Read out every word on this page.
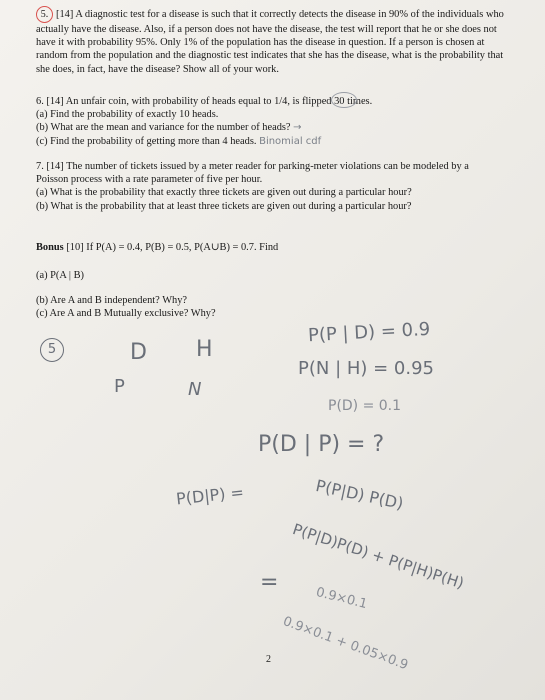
5. [14] A diagnostic test for a disease is such that it correctly detects the disease in 90% of the individuals who
actually have the disease. Also, if a person does not have the disease, the test will report that he or she does not
have it with probability 95%. Only 1% of the population has the disease in question. If a person is chosen at
random from the population and the diagnostic test indicates that she has the disease, what is the probability that
she does, in fact, have the disease? Show all of your work.
6. [14] An unfair coin, with probability of heads equal to 1/4, is flipped 30 times.
(a) Find the probability of exactly 10 heads.
(b) What are the mean and variance for the number of heads? →
(c) Find the probability of getting more than 4 heads. Binomial cdf
7. [14] The number of tickets issued by a meter reader for parking-meter violations can be modeled by a
Poisson process with a rate parameter of five per hour.
(a) What is the probability that exactly three tickets are given out during a particular hour?
(b) What is the probability that at least three tickets are given out during a particular hour?
Bonus [10] If P(A) = 0.4, P(B) = 0.5, P(A∪B) = 0.7. Find
(a) P(A | B)
(b) Are A and B independent? Why?
(c) Are A and B Mutually exclusive? Why?
5	D H
P	N
P(P | D) = 0.9
P(N | H) = 0.95
P(D) = 0.1
P(D | P) = ?
P(D|P) =	P(P|D) P(D)
P(P|D)P(D) + P(P|H)P(H)
=
0.9×0.1
0.9×0.1 + 0.05×0.9
2
